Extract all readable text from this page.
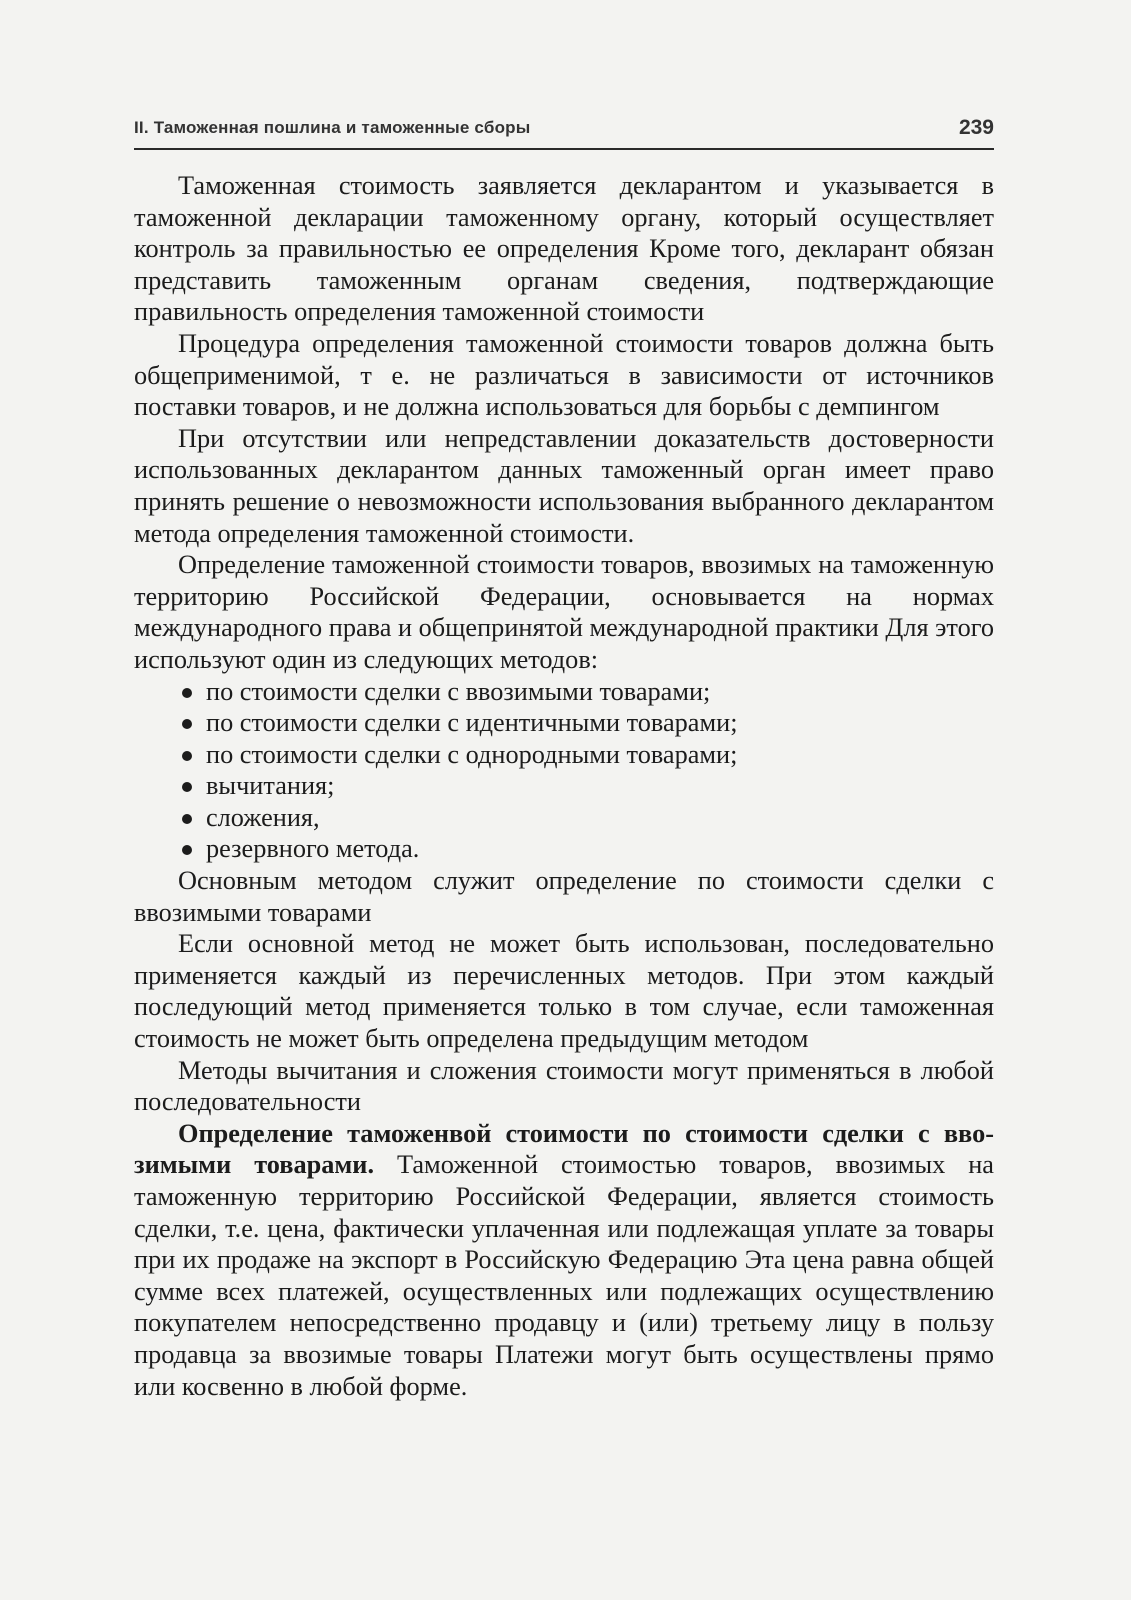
II. Таможенная пошлина и таможенные сборы	239

Таможенная стоимость заявляется декларантом и указывается в таможенной декларации таможенному органу, который осуществляет контроль за правильностью ее определения Кроме того, декларант обязан представить таможенным органам сведения, подтверждающие правильность определения таможенной стоимости

Процедура определения таможенной стоимости товаров должна быть общеприменимой, т е. не различаться в зависимости от источников поставки товаров, и не должна использоваться для борьбы с демпингом

При отсутствии или непредставлении доказательств достоверности использованных декларантом данных таможенный орган имеет право принять решение о невозможности использования выбранного декларантом метода определения таможенной стоимости.

Определение таможенной стоимости товаров, ввозимых на таможенную территорию Российской Федерации, основывается на нормах международного права и общепринятой международной практики Для этого используют один из следующих методов:

по стоимости сделки с ввозимыми товарами;
по стоимости сделки с идентичными товарами;
по стоимости сделки с однородными товарами;
вычитания;
сложения,
резервного метода.

Основным методом служит определение по стоимости сделки с ввозимыми товарами

Если основной метод не может быть использован, последовательно применяется каждый из перечисленных методов. При этом каждый последующий метод применяется только в том случае, если таможенная стоимость не может быть определена предыдущим методом

Методы вычитания и сложения стоимости могут применяться в любой последовательности

Определение таможенвой стоимости по стоимости сделки с ввозимыми товарами. Таможенной стоимостью товаров, ввозимых на таможенную территорию Российской Федерации, является стоимость сделки, т.е. цена, фактически уплаченная или подлежащая уплате за товары при их продаже на экспорт в Российскую Федерацию Эта цена равна общей сумме всех платежей, осуществленных или подлежащих осуществлению покупателем непосредственно продавцу и (или) третьему лицу в пользу продавца за ввозимые товары Платежи могут быть осуществлены прямо или косвенно в любой форме.
